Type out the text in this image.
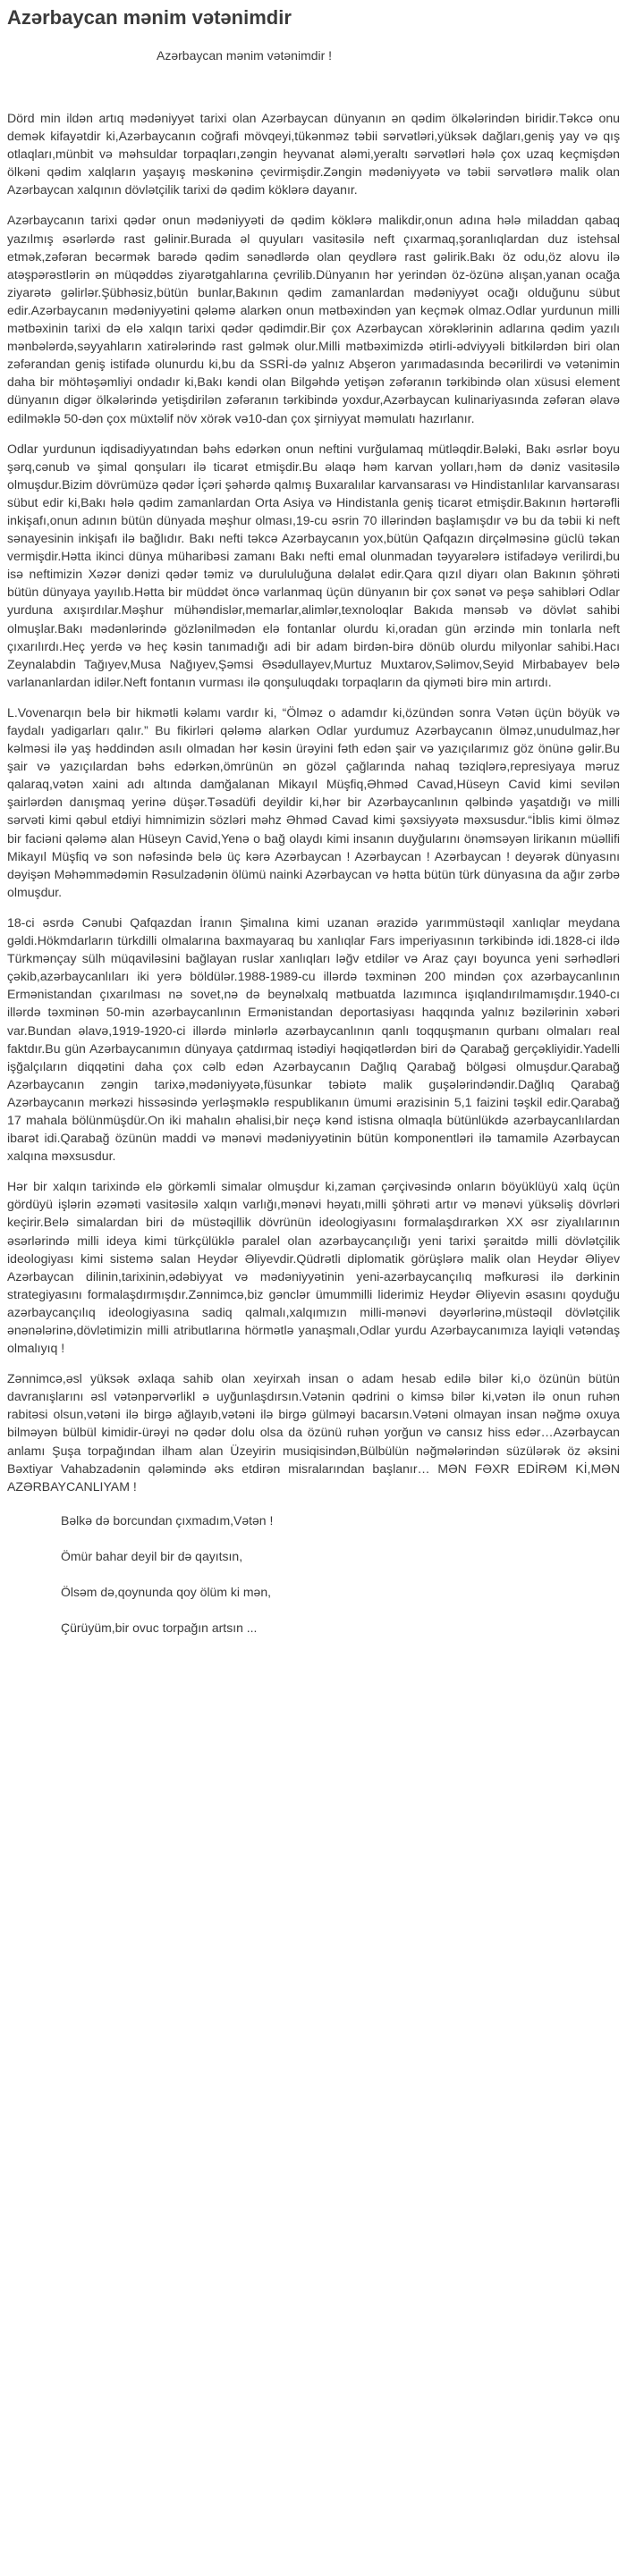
Azərbaycan mənim vətənimdir
Azərbaycan mənim vətənimdir !

Dörd min ildən artıq mədəniyyət tarixi olan Azərbaycan dünyanın ən qədim ölkələrindən biridir.Təkcə onu demək kifayətdir ki,Azərbaycanın coğrafi mövqeyi,tükənməz təbii sərvətləri,yüksək dağları,geniş yay və qış otlaqları,münbit və məhsuldar torpaqları,zəngin heyvanat aləmi,yeraltı sərvətləri hələ çox uzaq keçmişdən ölkəni qədim xalqların yaşayış məskəninə çevirmişdir.Zəngin mədəniyyətə və təbii sərvətlərə malik olan Azərbaycan xalqının dövlətçilik tarixi də qədim köklərə dayanır.

Azərbaycanın tarixi qədər onun mədəniyyəti də qədim köklərə malikdir,onun adına hələ miladdan qabaq yazılmış əsərlərdə rast gəlinir.Burada əl quyuları vasitəsilə neft çıxarmaq,şoranlıqlardan duz istehsal etmək,zəfəran becərmək barədə qədim sənədlərdə olan qeydlərə rast gəlirik.Bakı öz odu,öz alovu ilə atəşpərəstlərin ən müqəddəs ziyarətgahlarına çevrilib.Dünyanın hər yerindən öz-özünə alışan,yanan ocağa ziyarətə gəlirlər.Şübhəsiz,bütün bunlar,Bakının qədim zamanlardan mədəniyyət ocağı olduğunu sübut edir.Azərbaycanın mədəniyyətini qələmə alarkən onun mətbəxindən yan keçmək olmaz.Odlar yurdunun milli mətbəxinin tarixi də elə xalqın tarixi qədər qədimdir.Bir çox Azərbaycan xörəklərinin adlarına qədim yazılı mənbələrdə,səyyahların xatirələrində rast gəlmək olur.Milli mətbəximizdə ətirli-ədviyyəli bitkilərdən biri olan zəfərandan geniş istifadə olunurdu ki,bu da SSRİ-də yalnız Abşeron yarımadasında becərilirdi və vətənimin daha bir möhtəşəmliyi ondadır ki,Bakı kəndi olan Bilgəhdə yetişən zəfəranın tərkibində olan xüsusi element dünyanın digər ölkələrində yetişdirilən zəfəranın tərkibində yoxdur,Azərbaycan kulinariyasında zəfəran əlavə edilməklə 50-dən çox müxtəlif növ xörək və10-dan çox şirniyyat məmulatı hazırlanır.

Odlar yurdunun iqdisadiyyatından bəhs edərkən onun neftini vurğulamaq mütləqdir.Bələki, Bakı əsrlər boyu şərq,cənub və şimal qonşuları ilə ticarət etmişdir.Bu əlaqə həm karvan yolları,həm də dəniz vasitəsilə olmuşdur.Bizim dövrümüzə qədər İçəri şəhərdə qalmış Buxaralılar karvansarası və Hindistanlılar karvansarası sübut edir ki,Bakı hələ qədim zamanlardan Orta Asiya və Hindistanla geniş ticarət etmişdir.Bakının hərtərəfli inkişafı,onun adının bütün dünyada məşhur olması,19-cu əsrin 70 illərindən başlamışdır və bu da təbii ki neft sənayesinin inkişafı ilə bağlıdır. Bakı nefti təkcə Azərbaycanın yox,bütün Qafqazın dirçəlməsinə güclü təkan vermişdir.Hətta ikinci dünya müharibəsi zamanı Bakı nefti emal olunmadan təyyarələrə istifadəyə verilirdi,bu isə neftimizin Xəzər dənizi qədər təmiz və durululuğuna dəlalət edir.Qara qızıl diyarı olan Bakının şöhrəti bütün dünyaya yayılıb.Hətta bir müddət öncə varlanmaq üçün dünyanın bir çox sənət və peşə sahibləri Odlar yurduna axışırdılar.Məşhur mühəndislər,memarlar,alimlər,texnoloqlar Bakıda mənsəb və dövlət sahibi olmuşlar.Bakı mədənlərində gözlənilmədən elə fontanlar olurdu ki,oradan gün ərzində min tonlarla neft çıxarılırdı.Heç yerdə və heç kəsin tanımadığı adi bir adam birdən-birə dönüb olurdu milyonlar sahibi.Hacı Zeynalabdin Tağıyev,Musa Nağıyev,Şəmsi Əsədullayev,Murtuz Muxtarov,Səlimov,Seyid Mirbabayev belə varlananlardan idilər.Neft fontanın vurması ilə qonşuluqdakı torpaqların da qiyməti birə min artırdı.

L.Vovenarqın belə bir hikmətli kəlamı vardır ki, “Ölməz o adamdır ki,özündən sonra Vətən üçün böyük və faydalı yadigarları qalır.” Bu fikirləri qələmə alarkən Odlar yurdumuz Azərbaycanın ölməz,unudulmaz,hər kəlməsi ilə yaş həddindən asılı olmadan hər kəsin ürəyini fəth edən şair və yazıçılarımız göz önünə gəlir.Bu şair və yazıçılardan bəhs edərkən,ömrünün ən gözəl çağlarında nahaq təziqlərə,represiyaya məruz qalaraq,vətən xaini adı altında damğalanan Mikayıl Müşfiq,Əhməd Cavad,Hüseyn Cavid kimi sevilən şairlərdən danışmaq yerinə düşər.Təsadüfi deyildir ki,hər bir Azərbaycanlının qəlbində yaşatdığı və milli sərvəti kimi qəbul etdiyi himnimizin sözləri məhz Əhməd Cavad kimi şəxsiyyətə məxsusdur.“İblis kimi ölməz bir faciəni qələmə alan Hüseyn Cavid,Yenə o bağ olaydı kimi insanın duyğularını önəmsəyən lirikanın müəllifi Mikayıl Müşfiq və son nəfəsində belə üç kərə Azərbaycan ! Azərbaycan ! Azərbaycan ! deyərək dünyasını dəyişən Məhəmmədəmin Rəsulzadənin ölümü nainki Azərbaycan və hətta bütün türk dünyasına da ağır zərbə olmuşdur.

18-ci əsrdə Cənubi Qafqazdan İranın Şimalına kimi uzanan ərazidə yarımmüstəqil xanlıqlar meydana gəldi.Hökmdarların türkdilli olmalarına baxmayaraq bu xanlıqlar Fars imperiyasının tərkibində idi.1828-ci ildə Türkmənçay sülh müqaviləsini bağlayan ruslar xanlıqları ləğv etdilər və Araz çayı boyunca yeni sərhədləri çəkib,azərbaycanlıları iki yerə böldülər.1988-1989-cu illərdə təxminən 200 mindən çox azərbaycanlının Ermənistandan çıxarılması nə sovet,nə də beynəlxalq mətbuatda lazımınca işıqlandırılmamışdır.1940-cı illərdə təxminən 50-min azərbaycanlının Ermənistandan deportasiyası haqqında yalnız bəzilərinin xəbəri var.Bundan əlavə,1919-1920-ci illərdə minlərlə azərbaycanlının qanlı toqquşmanın qurbanı olmaları real faktdır.Bu gün Azərbaycanımın dünyaya çatdırmaq istədiyi həqiqətlərdən biri də Qarabağ gerçəkliyidir.Yadelli işğalçıların diqqətini daha çox cəlb edən Azərbaycanın Dağlıq Qarabağ bölgəsi olmuşdur.Qarabağ Azərbaycanın zəngin tarixə,mədəniyyətə,füsunkar təbiətə malik guşələrindəndir.Dağlıq Qarabağ Azərbaycanın mərkəzi hissəsində yerləşməklə respublikanın ümumi ərazisinin 5,1 faizini təşkil edir.Qarabağ 17 mahala bölünmüşdür.On iki mahalın əhalisi,bir neçə kənd istisna olmaqla bütünlükdə azərbaycanlılardan ibarət idi.Qarabağ özünün maddi və mənəvi mədəniyyətinin bütün komponentləri ilə tamamilə Azərbaycan xalqına məxsusdur.

Hər bir xalqın tarixində elə görkəmli simalar olmuşdur ki,zaman çərçivəsində onların böyüklüyü xalq üçün gördüyü işlərin əzəməti vasitəsilə xalqın varlığı,mənəvi həyatı,milli şöhrəti artır və mənəvi yüksəliş dövrləri keçirir.Belə simalardan biri də müstəqillik dövrünün ideologiyasını formalaşdırarkən XX əsr ziyalılarının əsərlərində milli ideya kimi türkçülüklə paralel olan azərbaycançılığı yeni tarixi şəraitdə milli dövlətçilik ideologiyası kimi sistemə salan Heydər Əliyevdir.Qüdrətli diplomatik görüşlərə malik olan Heydər Əliyev Azərbaycan dilinin,tarixinin,ədəbiyyat və mədəniyyətinin yeni-azərbaycançılıq məfkurəsi ilə dərkinin strategiyasını formalaşdırmışdır.Zənnimcə,biz gənclər ümummilli liderimiz Heydər Əliyevin əsasını qoyduğu azərbaycançılıq ideologiyasına sadiq qalmalı,xalqımızın milli-mənəvi dəyərlərinə,müstəqil dövlətçilik ənənələrinə,dövlətimizin milli atributlarına hörmətlə yanaşmalı,Odlar yurdu Azərbaycanımıza layiqli vətəndaş olmalıyıq !

Zənnimcə,əsl yüksək əxlaqa sahib olan xeyirxah insan o adam hesab edilə bilər ki,o özünün bütün davranışlarını əsl vətənpərvərlikl ə uyğunlaşdırsın.Vətənin qədrini o kimsə bilər ki,vətən ilə onun ruhən rabitəsi olsun,vətəni ilə birgə ağlayıb,vətəni ilə birgə gülməyi bacarsın.Vətəni olmayan insan nəğmə oxuya bilməyən bülbül kimidir-ürəyi nə qədər dolu olsa da özünü ruhən yorğun və cansız hiss edər…Azərbaycan anlamı Şuşa torpağından ilham alan Üzeyirin musiqisindən,Bülbülün nəğmələrindən süzülərək öz əksini Bəxtiyar Vahabzadənin qələmində əks etdirən misralarından başlanır… MƏN FƏXR EDİRƏM Kİ,MƏN AZƏRBAYCANLIYAM !

Bəlkə də borcundan çıxmadım,Vətən !
Ömür bahar deyil bir də qayıtsın,
Ölsəm də,qoynunda qoy ölüm ki mən,
Çürüyüm,bir ovuc torpağın artsın ...
